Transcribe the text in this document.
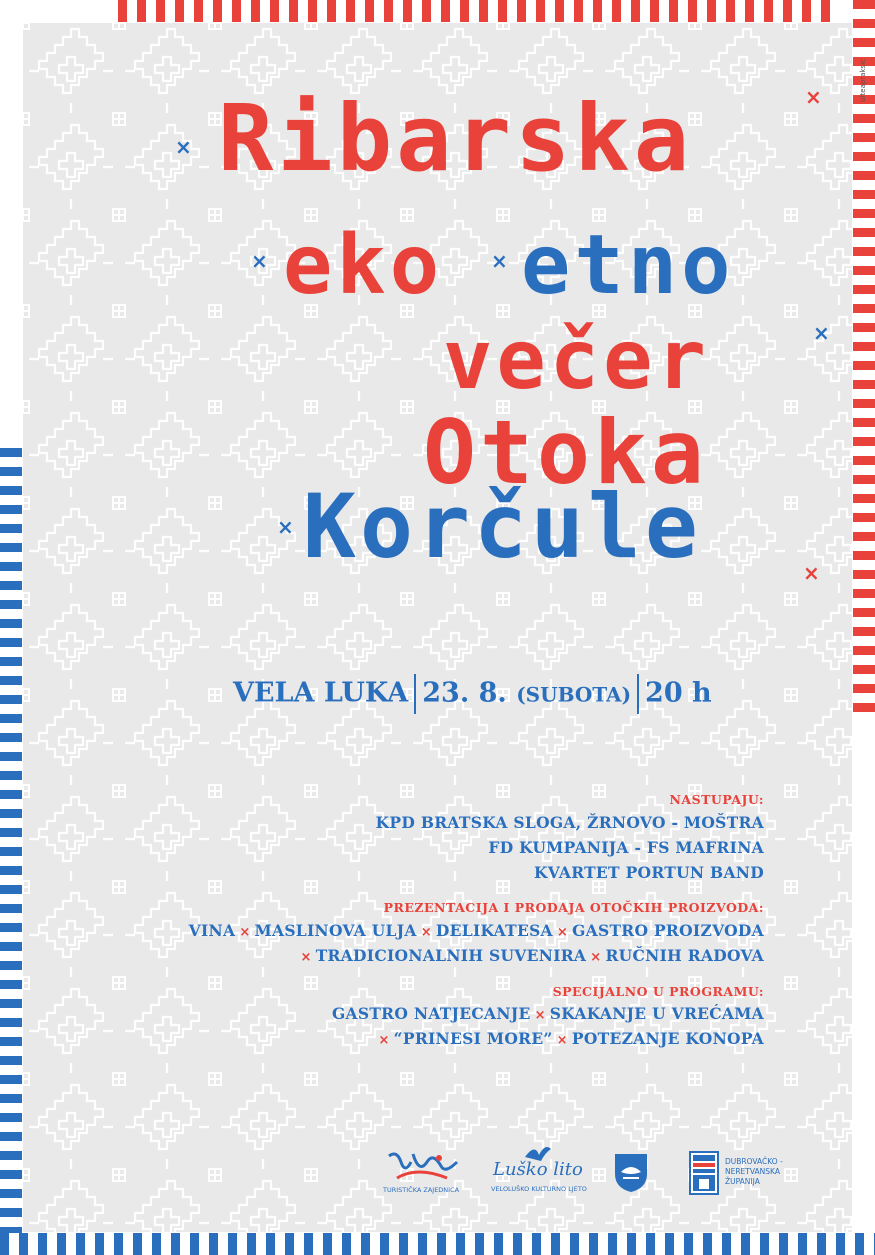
ulteapraksic
× Ribarska	×
× eko × etno
večer	×
Otoka
× Korčule	×
VELA LUKA 23. 8. (SUBOTA) 20 h
NASTUPAJU:
KPD BRATSKA SLOGA, ŽRNOVO - MOŠTRA
FD KUMPANIJA - FS MAFRINA
KVARTET PORTUN BAND
PREZENTACIJA I PRODAJA OTOČKIH PROIZVODA:
VINA × MASLINOVA ULJA × DELIKATESA × GASTRO PROIZVODA
× TRADICIONALNIH SUVENIRA × RUČNIH RADOVA
SPECIJALNO U PROGRAMU:
GASTRO NATJECANJE × SKAKANJE U VREĆAMA
× “PRINESI MORE” × POTEZANJE KONOPA
TURISTIČKA ZAJEDNICA
Luško lito
VELOLUŠKO KULTURNO LJETO
DUBROVAČKO -
NERETVANSKA
ŽUPANIJA
